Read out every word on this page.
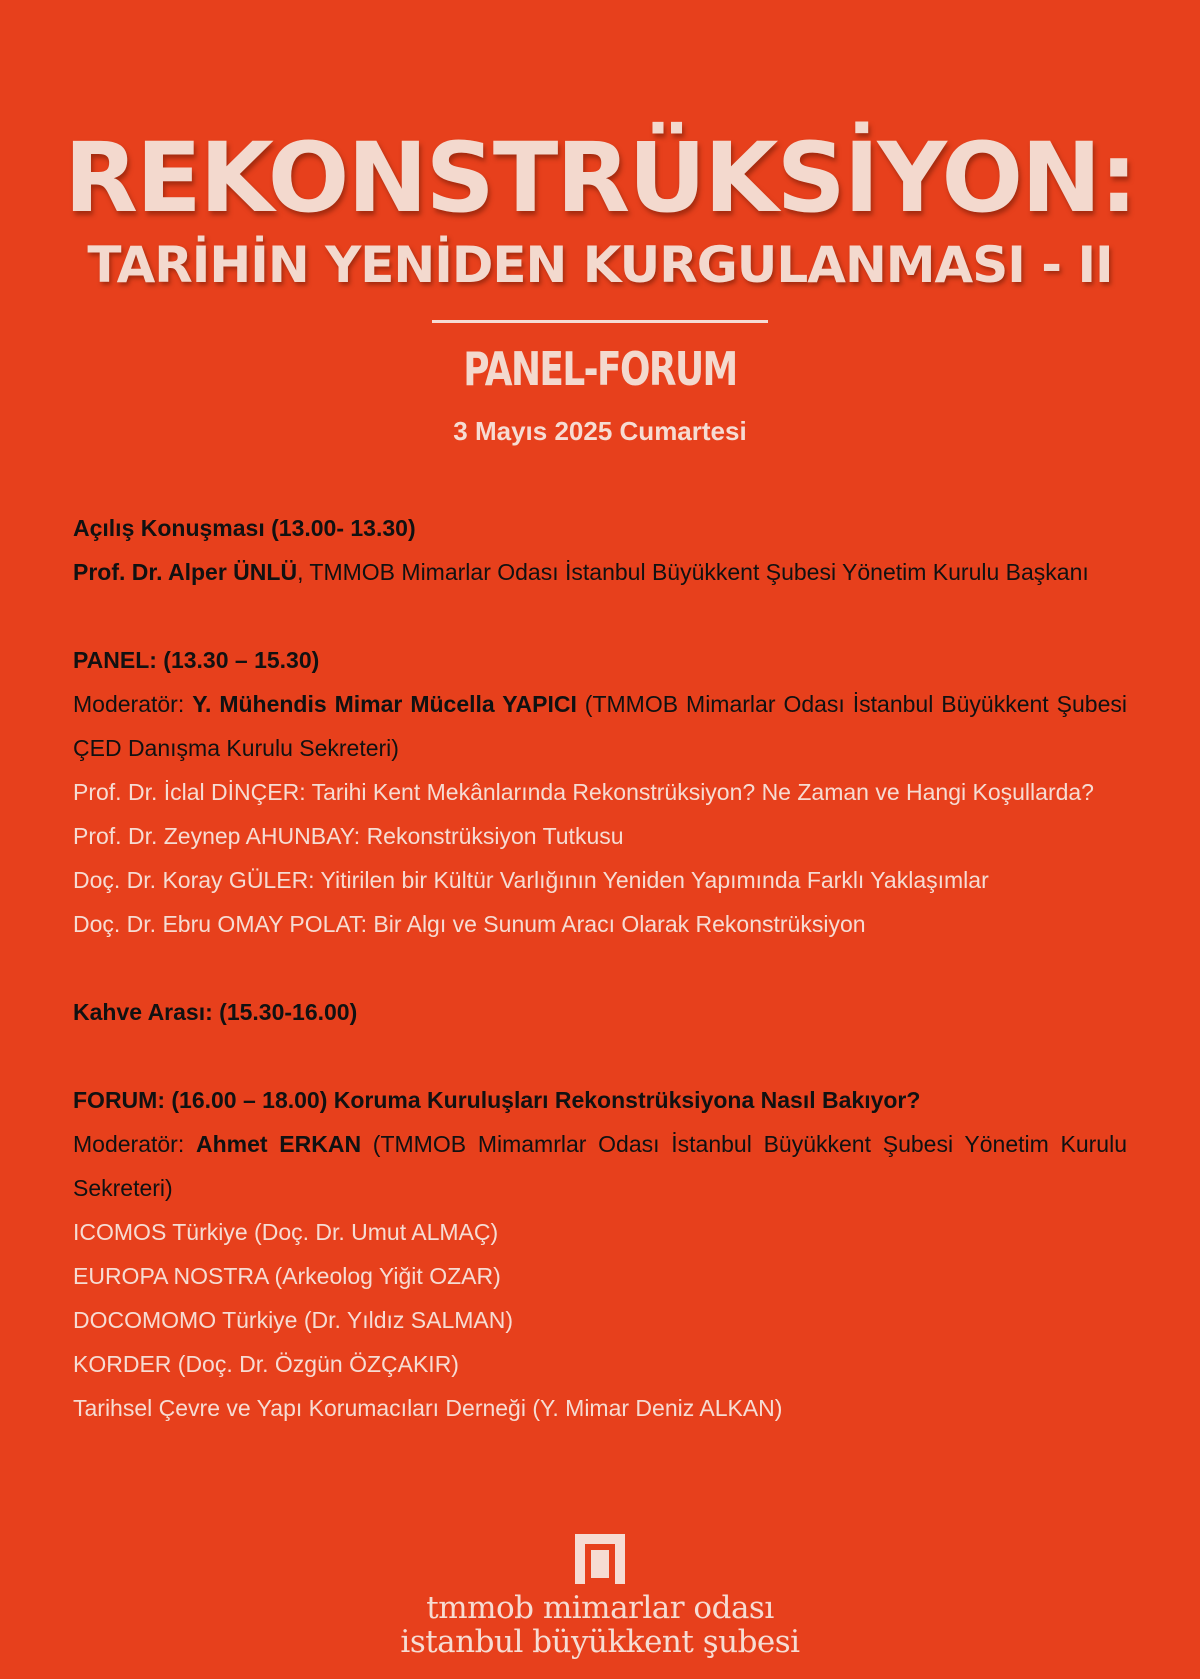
REKONSTRÜKSİYON:
TARİHİN YENİDEN KURGULANMASI - II
PANEL-FORUM
3 Mayıs 2025 Cumartesi

Açılış Konuşması (13.00- 13.30)

Prof. Dr. Alper ÜNLÜ, TMMOB Mimarlar Odası İstanbul Büyükkent Şubesi Yönetim Kurulu Başkanı

PANEL: (13.30 – 15.30)

Moderatör: Y. Mühendis Mimar Mücella YAPICI (TMMOB Mimarlar Odası İstanbul Büyükkent Şubesi ÇED Danışma Kurulu Sekreteri)

Prof. Dr. İclal DİNÇER: Tarihi Kent Mekânlarında Rekonstrüksiyon? Ne Zaman ve Hangi Koşullarda?

Prof. Dr. Zeynep AHUNBAY: Rekonstrüksiyon Tutkusu

Doç. Dr. Koray GÜLER: Yitirilen bir Kültür Varlığının Yeniden Yapımında Farklı Yaklaşımlar

Doç. Dr. Ebru OMAY POLAT: Bir Algı ve Sunum Aracı Olarak Rekonstrüksiyon

Kahve Arası: (15.30-16.00)

FORUM: (16.00 – 18.00) Koruma Kuruluşları Rekonstrüksiyona Nasıl Bakıyor?

Moderatör: Ahmet ERKAN (TMMOB Mimamrlar Odası İstanbul Büyükkent Şubesi Yönetim Kurulu Sekreteri)

ICOMOS Türkiye (Doç. Dr. Umut ALMAÇ)

EUROPA NOSTRA (Arkeolog Yiğit OZAR)

DOCOMOMO Türkiye (Dr. Yıldız SALMAN)

KORDER (Doç. Dr. Özgün ÖZÇAKIR)

Tarihsel Çevre ve Yapı Korumacıları Derneği (Y. Mimar Deniz ALKAN)

tmmob mimarlar odası
istanbul büyükkent şubesi
